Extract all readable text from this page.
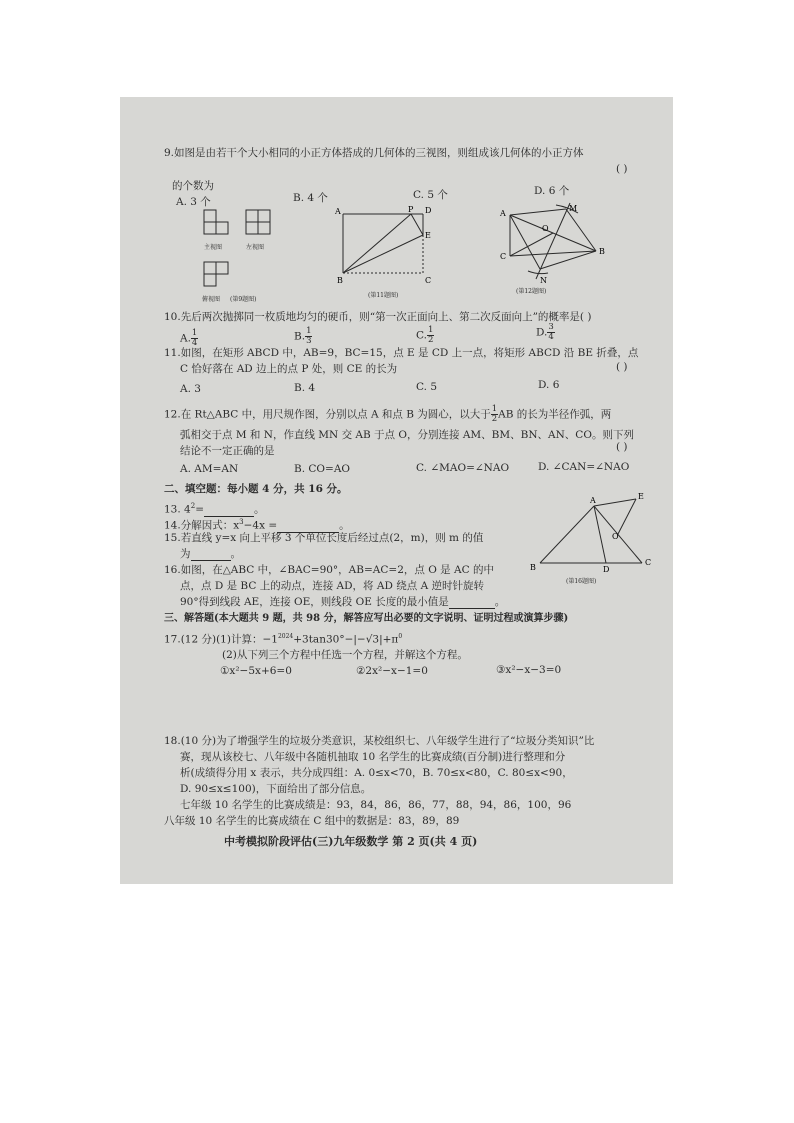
9.如图是由若干个大小相同的小正方体搭成的几何体的三视图，则组成该几何体的小正方体
的个数为
( )
A. 3 个	B. 4 个	C. 5 个	D. 6 个
主视图	左视图
俯视图 (第9题图)
A	P D
E
B	C
(第11题图)
A
M
O
C
B
N
(第12题图)
10.先后两次抛掷同一枚质地均匀的硬币，则“第一次正面向上、第二次反面向上”的概率是( )
A. $\frac{1}{4}$	B. $\frac{1}{3}$	C. $\frac{1}{2}$	D. $\frac{3}{4}$
11.如图，在矩形 ABCD 中，AB=9，BC=15，点 E 是 CD 上一点，将矩形 ABCD 沿 BE 折叠，点
C 恰好落在 AD 边上的点 P 处，则 CE 的长为	( )
A. 3	B. 4	C. 5	D. 6
12.在 Rt△ABC 中，用尺规作图，分别以点 A 和点 B 为圆心，以大于 $\frac{1}{2}$ AB 的长为半径作弧，两
弧相交于点 M 和 N，作直线 MN 交 AB 于点 O，分别连接 AM、BM、BN、AN、CO。则下列
结论不一定正确的是	( )
A. AM=AN	B. CO=AO	C. ∠MAO=∠NAO	D. ∠CAN=∠NAO
二、填空题：每小题 4 分，共 16 分。
13. $4^2=$	。
14.分解因式：$x^3-4x$ =	。
15.若直线 y=x 向上平移 3 个单位长度后经过点(2，m)，则 m 的值
为	。
16.如图，在△ABC 中，∠BAC=90°，AB=AC=2，点 O 是 AC 的中
点，点 D 是 BC 上的动点，连接 AD，将 AD 绕点 A 逆时针旋转
90°得到线段 AE，连接 OE，则线段 OE 长度的最小值是	。
A	E
O
B	D
C
(第16题图)
三、解答题(本大题共 9 题，共 98 分，解答应写出必要的文字说明、证明过程或演算步骤)
17.(12 分)(1)计算：$-1^{2024}+3\tan 30^\circ-|-√3|+\pi^0$
(2)从下列三个方程中任选一个方程，并解这个方程。
①x²−5x+6=0	②2x²−x−1=0	③x²−x−3=0
18.(10 分)为了增强学生的垃圾分类意识，某校组织七、八年级学生进行了“垃圾分类知识”比
赛，现从该校七、八年级中各随机抽取 10 名学生的比赛成绩(百分制)进行整理和分
析(成绩得分用 x 表示，共分成四组：A. 0≤x<70，B. 70≤x<80，C. 80≤x<90，
D. 90≤x≤100)，下面给出了部分信息。
七年级 10 名学生的比赛成绩是：93，84，86，86，77，88，94，86，100，96
八年级 10 名学生的比赛成绩在 C 组中的数据是：83，89，89
中考模拟阶段评估(三)九年级数学 第 2 页(共 4 页)
